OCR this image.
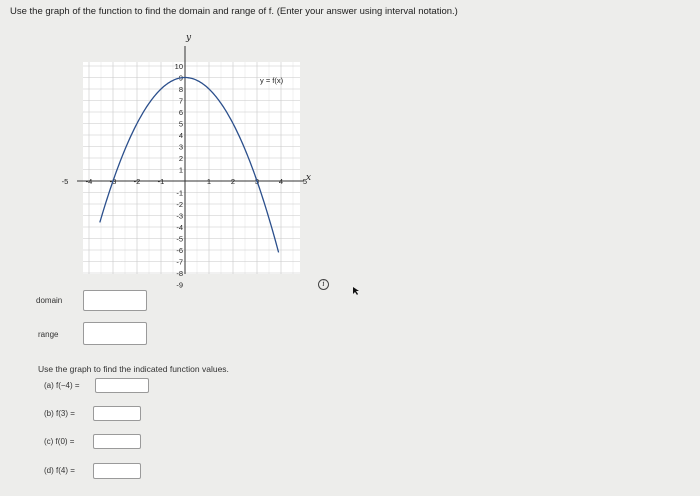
Use the graph of the function to find the domain and range of f. (Enter your answer using interval notation.)
-5 -4 -3 -2 -1	1	2	3	4	5
10
9
8
7
6
5
4
3
2
1
-1
-2
-3
-4
-5
-6
-7
-8
-9
y
x
y = f(x)
domain
range
Use the graph to find the indicated function values.
(a) f(−4) =
(b) f(3) =
(c) f(0) =
(d) f(4) =
i
